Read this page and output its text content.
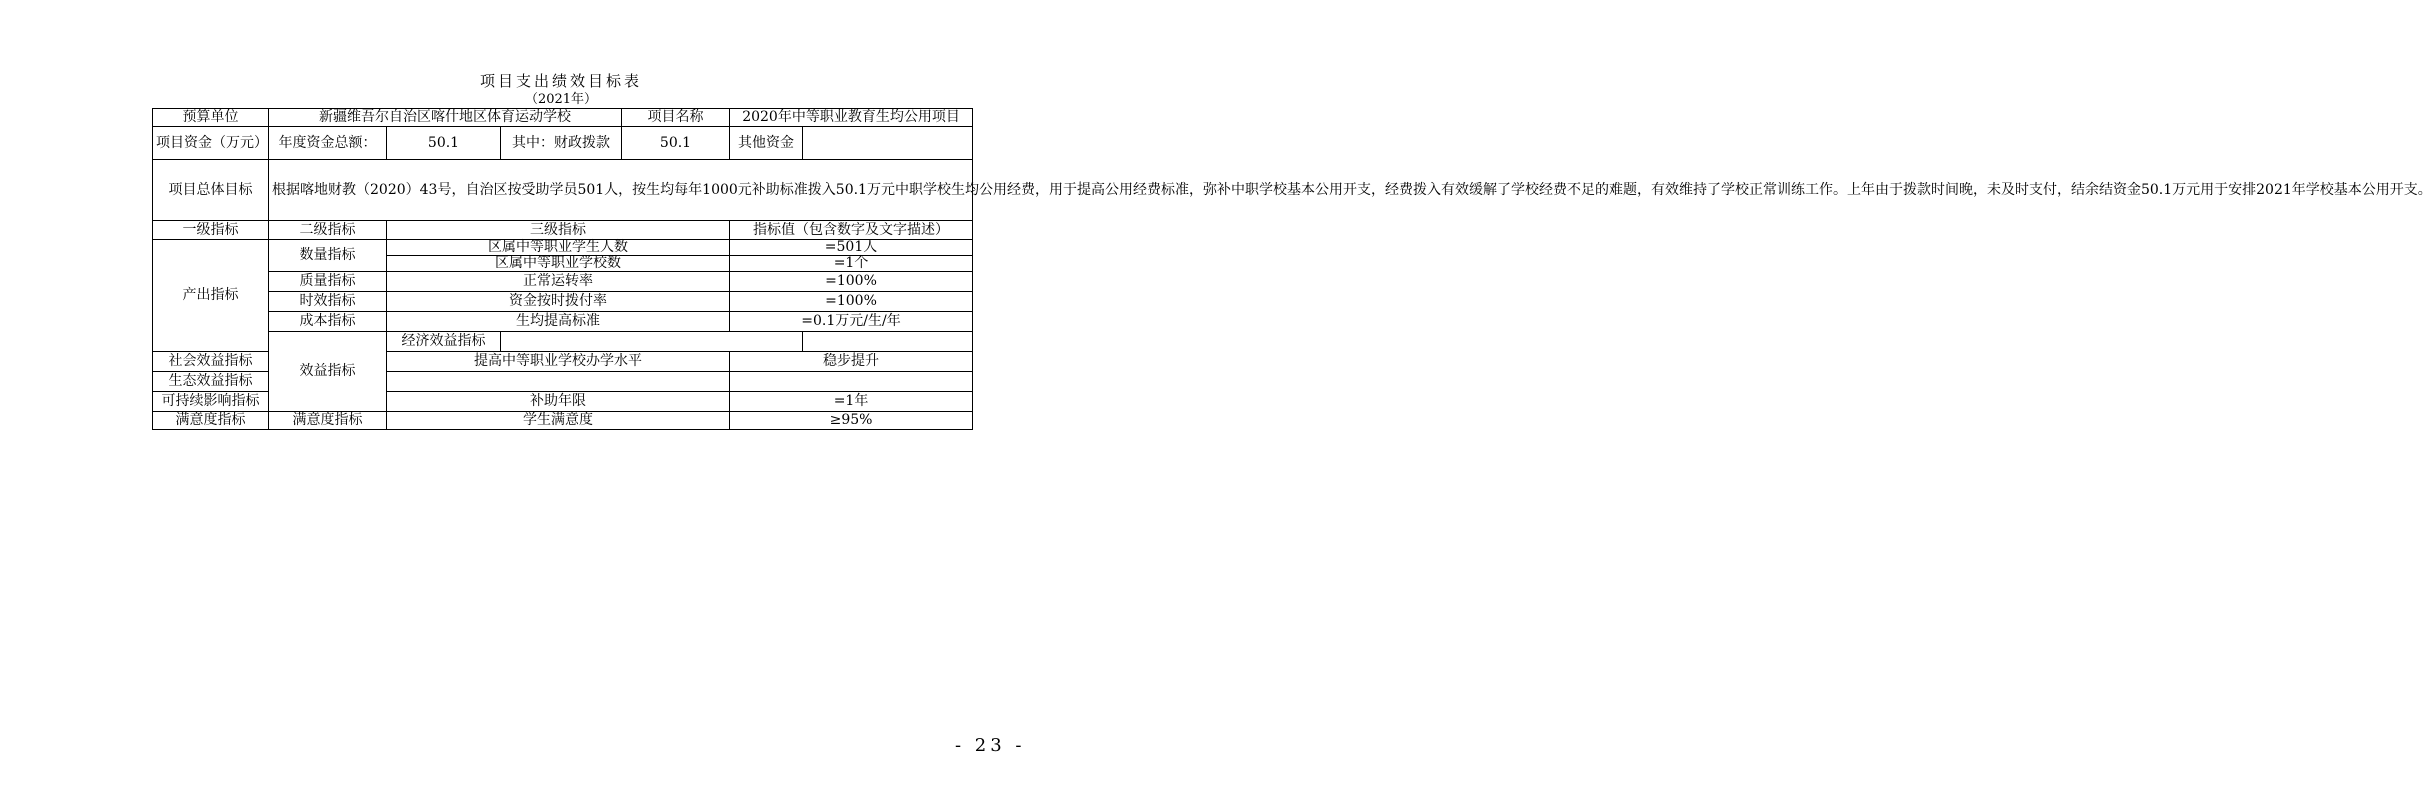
项目支出绩效目标表
（2021年）
预算单位	新疆维吾尔自治区喀什地区体育运动学校			项目名称	2020年中等职业教育生均公用项目	
项目资金（万元）	年度资金总额：	50.1	其中：财政拨款	50.1	其他资金	
项目总体目标	根据喀地财教（2020）43号，自治区按受助学员501人，按生均每年1000元补助标准拨入50.1万元中职学校生均公用经费，用于提高公用经费标准，弥补中职学校基本公用开支，经费拨入有效缓解了学校经费不足的难题，有效维持了学校正常训练工作。上年由于拨款时间晚，未及时支付，结余结资金50.1万元用于安排2021年学校基本公用开支。					
一级指标	二级指标	三级指标			指标值（包含数字及文字描述）	
产出指标	数量指标	区属中等职业学生人数			=501人	
		区属中等职业学校数			=1个	
	质量指标	正常运转率			=100%	
	时效指标	资金按时拨付率			=100%	
	成本指标	生均提高标准			=0.1万元/生/年	
	效益指标	经济效益指标				
社会效益指标		提高中等职业学校办学水平			稳步提升	
生态效益指标						
可持续影响指标		补助年限			=1年	
满意度指标	满意度指标	学生满意度			≥95%	
- 23 -
